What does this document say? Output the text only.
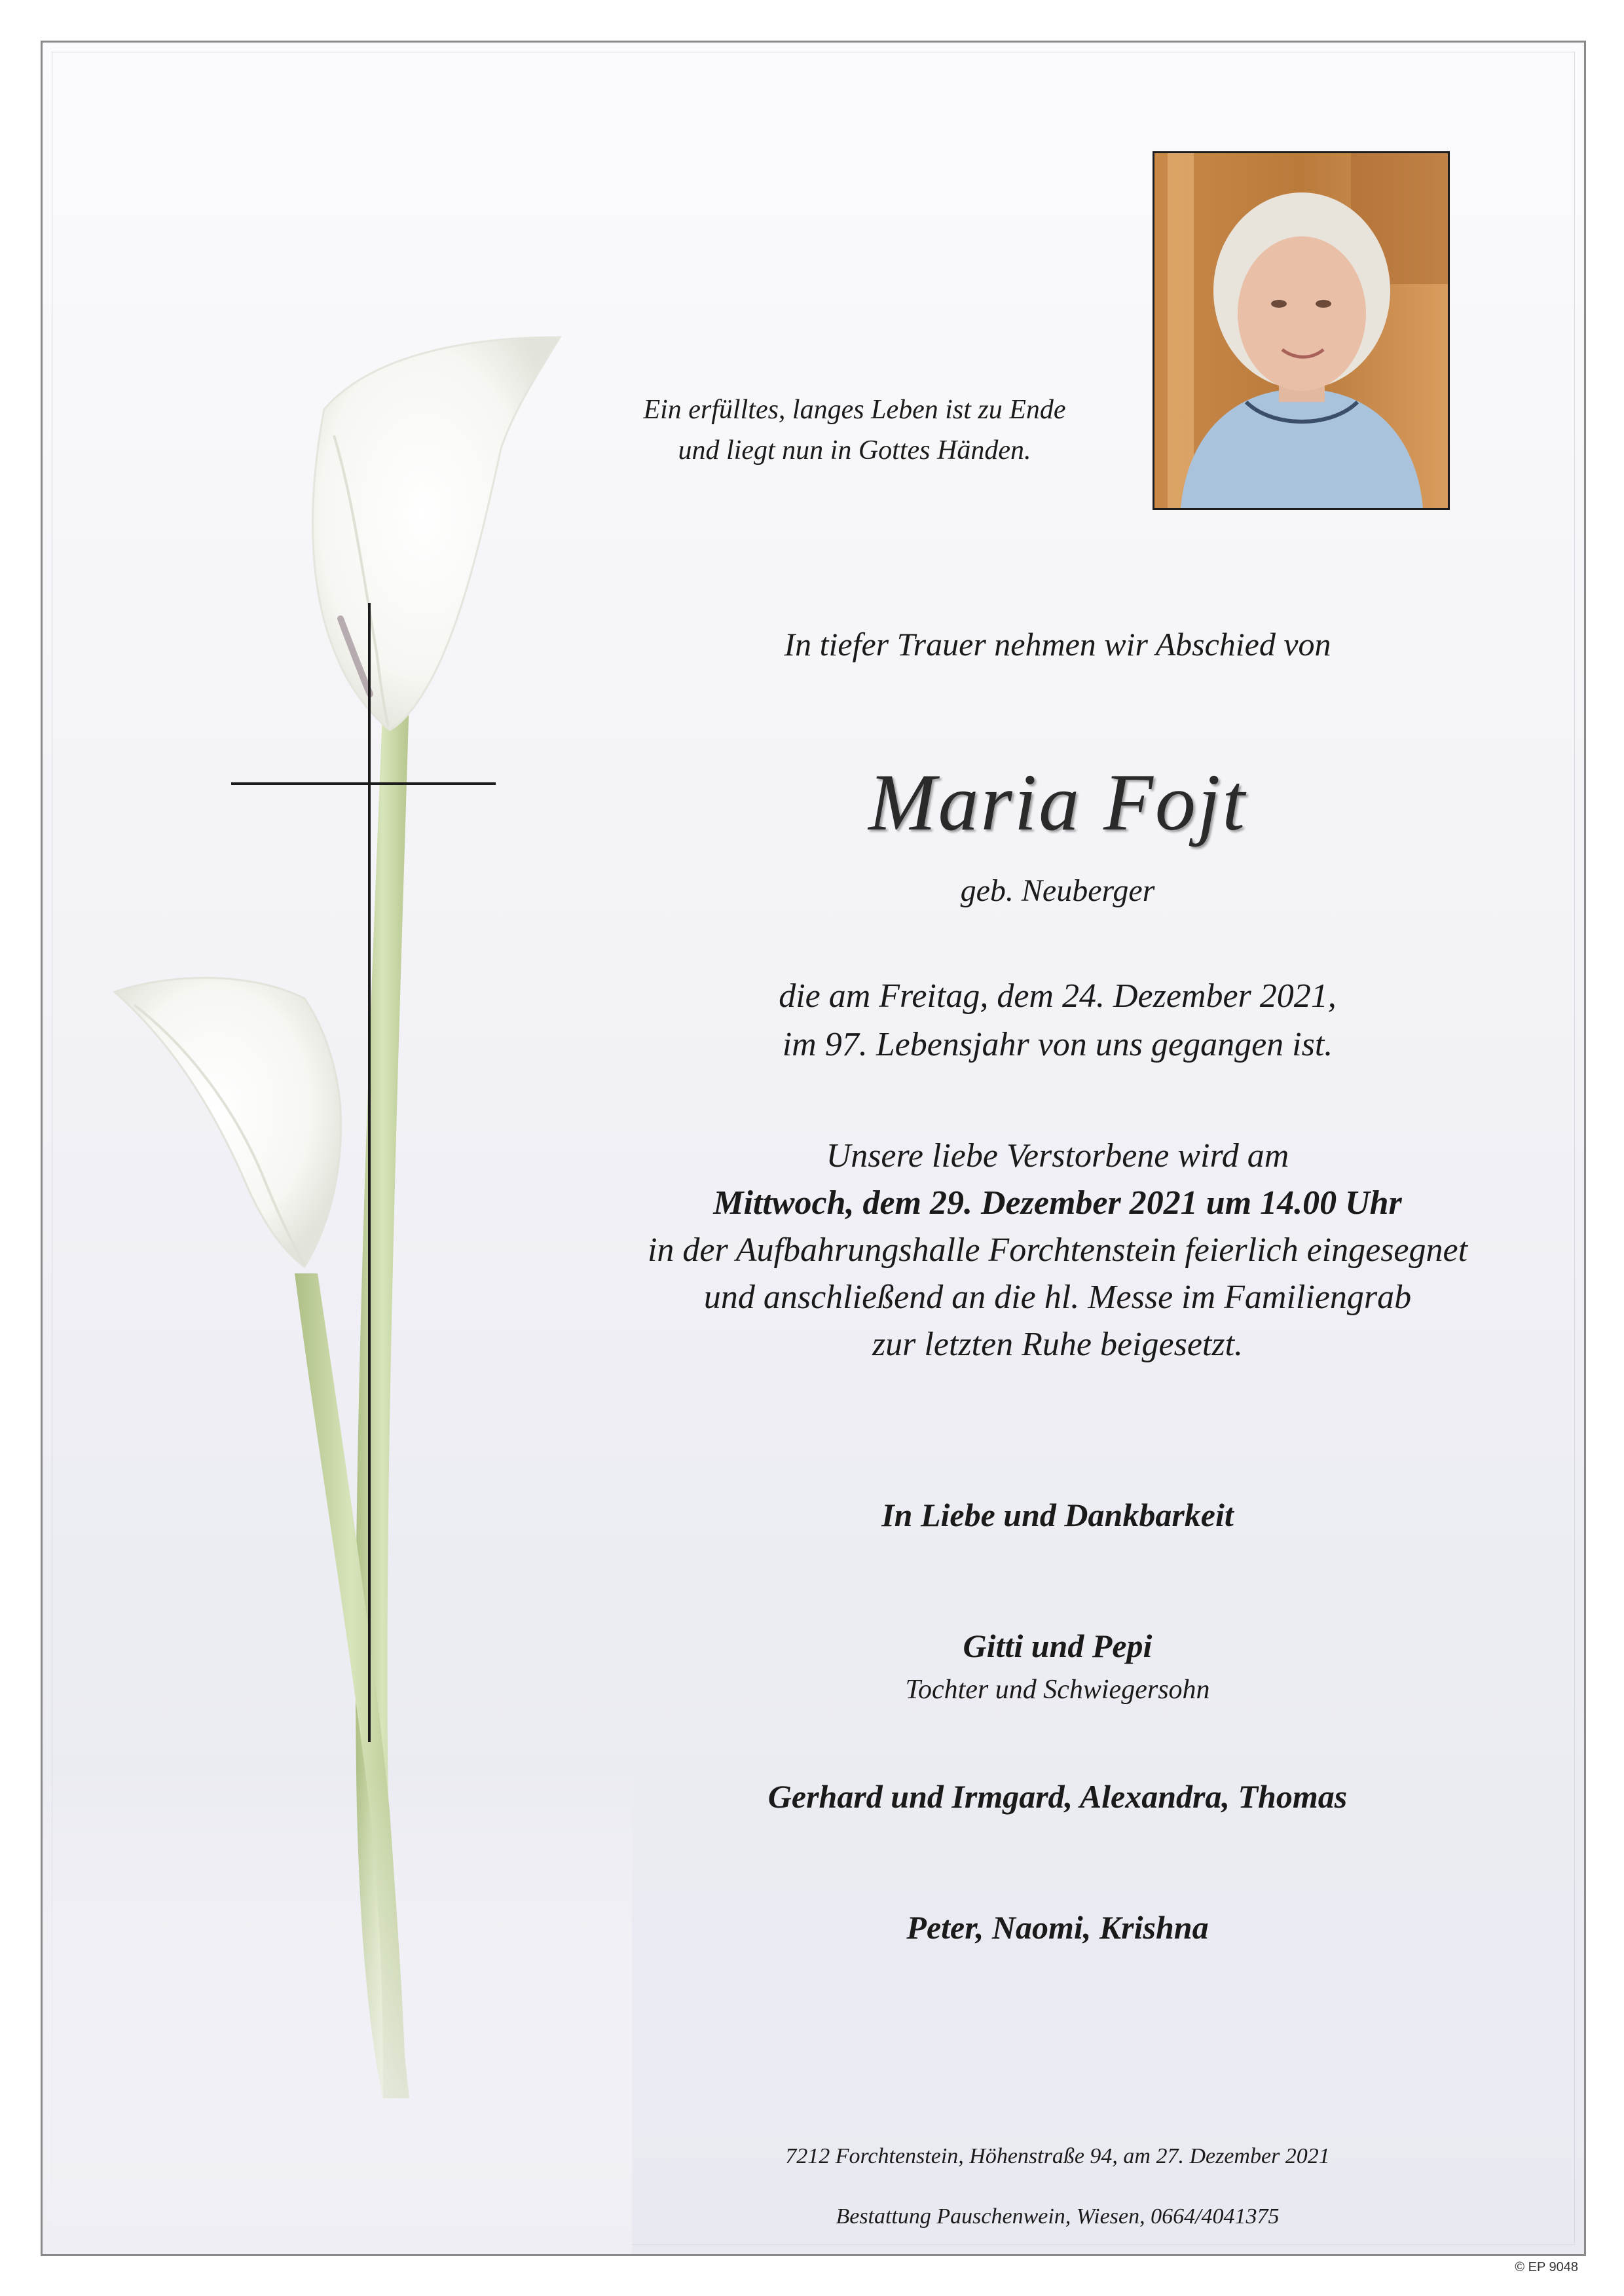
Ein erfülltes, langes Leben ist zu Ende
und liegt nun in Gottes Händen.
In tiefer Trauer nehmen wir Abschied von
Maria Fojt
geb. Neuberger
die am Freitag, dem 24. Dezember 2021,
im 97. Lebensjahr von uns gegangen ist.
Unsere liebe Verstorbene wird am
Mittwoch, dem 29. Dezember 2021 um 14.00 Uhr
in der Aufbahrungshalle Forchtenstein feierlich eingesegnet
und anschließend an die hl. Messe im Familiengrab
zur letzten Ruhe beigesetzt.
In Liebe und Dankbarkeit
Gitti und Pepi
Tochter und Schwiegersohn
Gerhard und Irmgard, Alexandra, Thomas
Peter, Naomi, Krishna
7212 Forchtenstein, Höhenstraße 94, am 27. Dezember 2021
Bestattung Pauschenwein, Wiesen, 0664/4041375
© EP 9048
